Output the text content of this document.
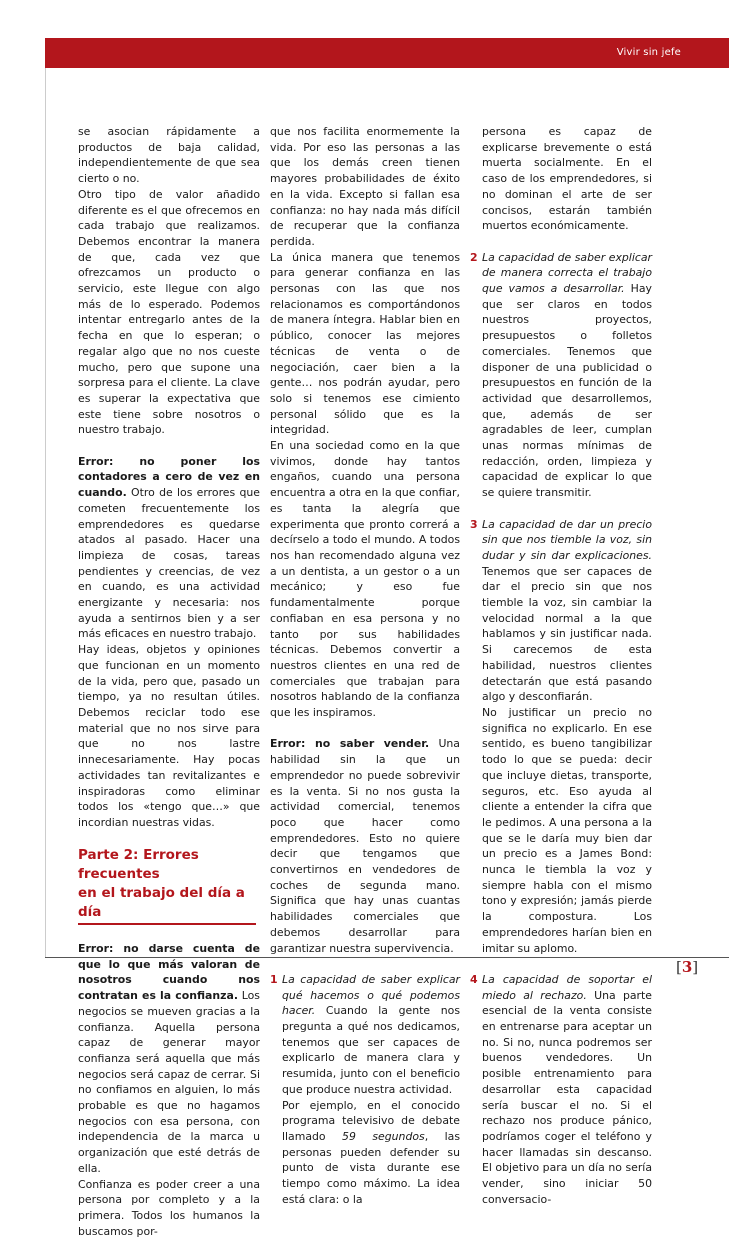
Vivir sin jefe

se asocian rápidamente a productos de baja calidad, independientemente de que sea cierto o no.

Otro tipo de valor añadido diferente es el que ofrecemos en cada trabajo que realizamos. Debemos encontrar la manera de que, cada vez que ofrezcamos un producto o servicio, este llegue con algo más de lo esperado. Podemos intentar entregarlo antes de la fecha en que lo esperan; o regalar algo que no nos cueste mucho, pero que supone una sorpresa para el cliente. La clave es superar la expectativa que este tiene sobre nosotros o nuestro trabajo.

Error: no poner los contadores a cero de vez en cuando. Otro de los errores que cometen frecuentemente los emprendedores es quedarse atados al pasado. Hacer una limpieza de cosas, tareas pendientes y creencias, de vez en cuando, es una actividad energizante y necesaria: nos ayuda a sentirnos bien y a ser más eficaces en nuestro trabajo.

Hay ideas, objetos y opiniones que funcionan en un momento de la vida, pero que, pasado un tiempo, ya no resultan útiles. Debemos reciclar todo ese material que no nos sirve para que no nos lastre innecesariamente. Hay pocas actividades tan revitalizantes e inspiradoras como eliminar todos los «tengo que…» que incordian nuestras vidas.

Parte 2: Errores frecuentes

en el trabajo del día a día

Error: no darse cuenta de que lo que más valoran de nosotros cuando nos contratan es la confianza. Los negocios se mueven gracias a la confianza. Aquella persona capaz de generar mayor confianza será aquella que más negocios será capaz de cerrar. Si no confiamos en alguien, lo más probable es que no hagamos negocios con esa persona, con independencia de la marca u organización que esté detrás de ella.

Confianza es poder creer a una persona por completo y a la primera. Todos los humanos la buscamos por-

que nos facilita enormemente la vida. Por eso las personas a las que los demás creen tienen mayores probabilidades de éxito en la vida. Excepto si fallan esa confianza: no hay nada más difícil de recuperar que la confianza perdida.

La única manera que tenemos para generar confianza en las personas con las que nos relacionamos es comportándonos de manera íntegra. Hablar bien en público, conocer las mejores técnicas de venta o de negociación, caer bien a la gente… nos podrán ayudar, pero solo si tenemos ese cimiento personal sólido que es la integridad.

En una sociedad como en la que vivimos, donde hay tantos engaños, cuando una persona encuentra a otra en la que confiar, es tanta la alegría que experimenta que pronto correrá a decírselo a todo el mundo. A todos nos han recomendado alguna vez a un dentista, a un gestor o a un mecánico; y eso fue fundamentalmente porque confiaban en esa persona y no tanto por sus habilidades técnicas. Debemos convertir a nuestros clientes en una red de comerciales que trabajan para nosotros hablando de la confianza que les inspiramos.

Error: no saber vender. Una habilidad sin la que un emprendedor no puede sobrevivir es la venta. Si no nos gusta la actividad comercial, tenemos poco que hacer como emprendedores. Esto no quiere decir que tengamos que convertirnos en vendedores de coches de segunda mano. Significa que hay unas cuantas habilidades comerciales que debemos desarrollar para garantizar nuestra supervivencia.

1 La capacidad de saber explicar qué hacemos o qué podemos hacer. Cuando la gente nos pregunta a qué nos dedicamos, tenemos que ser capaces de explicarlo de manera clara y resumida, junto con el beneficio que produce nuestra actividad.

Por ejemplo, en el conocido programa televisivo de debate llamado 59 segundos, las personas pueden defender su punto de vista durante ese tiempo como máximo. La idea está clara: o la

persona es capaz de explicarse brevemente o está muerta socialmente. En el caso de los emprendedores, si no dominan el arte de ser concisos, estarán también muertos económicamente.

2 La capacidad de saber explicar de manera correcta el trabajo que vamos a desarrollar. Hay que ser claros en todos nuestros proyectos, presupuestos o folletos comerciales. Tenemos que disponer de una publicidad o presupuestos en función de la actividad que desarrollemos, que, además de ser agradables de leer, cumplan unas normas mínimas de redacción, orden, limpieza y capacidad de explicar lo que se quiere transmitir.

3 La capacidad de dar un precio sin que nos tiemble la voz, sin dudar y sin dar explicaciones. Tenemos que ser capaces de dar el precio sin que nos tiemble la voz, sin cambiar la velocidad normal a la que hablamos y sin justificar nada. Si carecemos de esta habilidad, nuestros clientes detectarán que está pasando algo y desconfiarán.

No justificar un precio no significa no explicarlo. En ese sentido, es bueno tangibilizar todo lo que se pueda: decir que incluye dietas, transporte, seguros, etc. Eso ayuda al cliente a entender la cifra que le pedimos. A una persona a la que se le daría muy bien dar un precio es a James Bond: nunca le tiembla la voz y siempre habla con el mismo tono y expresión; jamás pierde la compostura. Los emprendedores harían bien en imitar su aplomo.

4 La capacidad de soportar el miedo al rechazo. Una parte esencial de la venta consiste en entrenarse para aceptar un no. Si no, nunca podremos ser buenos vendedores. Un posible entrenamiento para desarrollar esta capacidad sería buscar el no. Si el rechazo nos produce pánico, podríamos coger el teléfono y hacer llamadas sin descanso. El objetivo para un día no sería vender, sino iniciar 50 conversacio-

[3]
